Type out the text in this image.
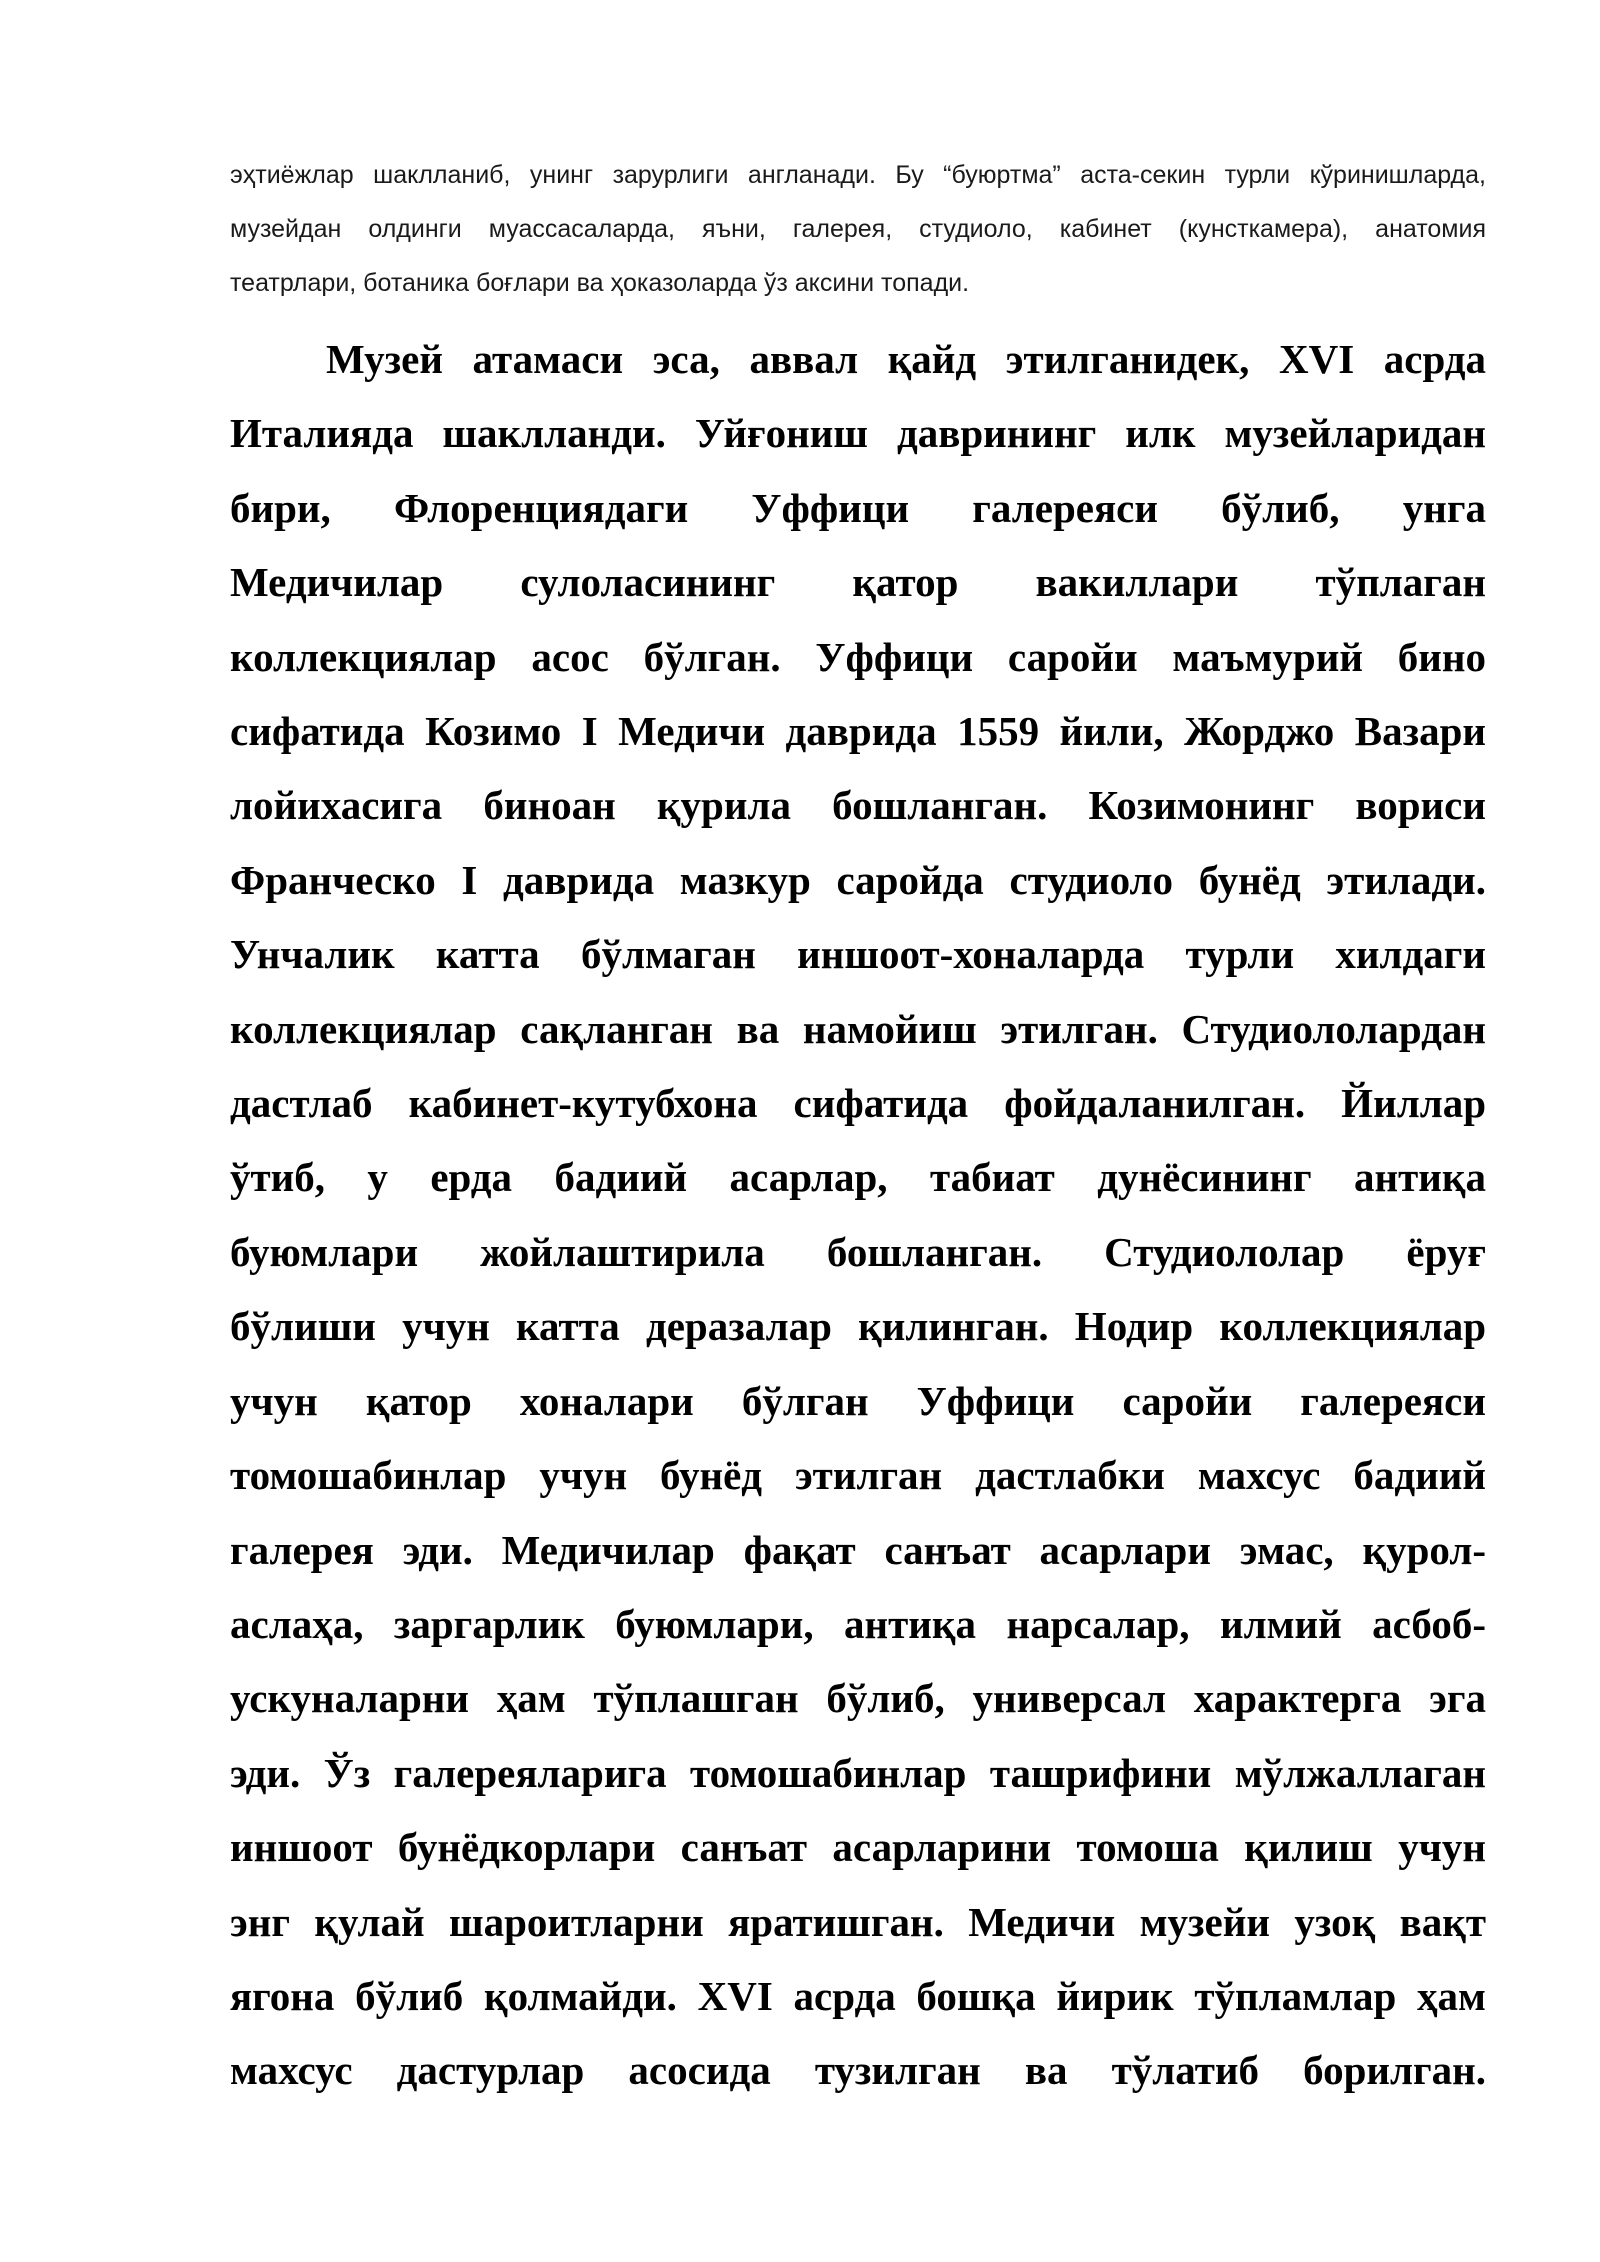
эҳтиёжлар шаклланиб, унинг зарурлиги англанади. Бу “буюртма” аста-секин турли кўринишларда,
музейдан олдинги муассасаларда, яъни, галерея, студиоло, кабинет (кунсткамера), анатомия
театрлари, ботаника боғлари ва ҳоказоларда ўз аксини топади.
Музей атамаси эса, аввал қайд этилганидек, XVI асрда
Италияда шаклланди. Уйғониш даврининг илк музейларидан
бири, Флоренциядаги Уффици галереяси бўлиб, унга
Медичилар сулоласининг қатор вакиллари тўплаган
коллекциялар асос бўлган. Уффици саройи маъмурий бино
сифатида Козимо I Медичи даврида 1559 йили, Жорджо Вазари
лойихасига биноан қурила бошланган. Козимонинг вориси
Франческо I даврида мазкур саройда студиоло бунёд этилади.
Унчалик катта бўлмаган иншоот-хоналарда турли хилдаги
коллекциялар сақланган ва намойиш этилган. Студиололардан
дастлаб кабинет-кутубхона сифатида фойдаланилган. Йиллар
ўтиб, у ерда бадиий асарлар, табиат дунёсининг антиқа
буюмлари жойлаштирила бошланган. Студиололар ёруғ
бўлиши учун катта деразалар қилинган. Нодир коллекциялар
учун қатор хоналари бўлган Уффици саройи галереяси
томошабинлар учун бунёд этилган дастлабки махсус бадиий
галерея эди. Медичилар фақат санъат асарлари эмас, қурол-
аслаҳа, заргарлик буюмлари, антиқа нарсалар, илмий асбоб-
ускуналарни ҳам тўплашган бўлиб, универсал характерга эга
эди. Ўз галереяларига томошабинлар ташрифини мўлжаллаган
иншоот бунёдкорлари санъат асарларини томоша қилиш учун
энг қулай шароитларни яратишган. Медичи музейи узоқ вақт
ягона бўлиб қолмайди. XVI асрда бошқа йирик тўпламлар ҳам
махсус дастурлар асосида тузилган ва тўлатиб борилган.
